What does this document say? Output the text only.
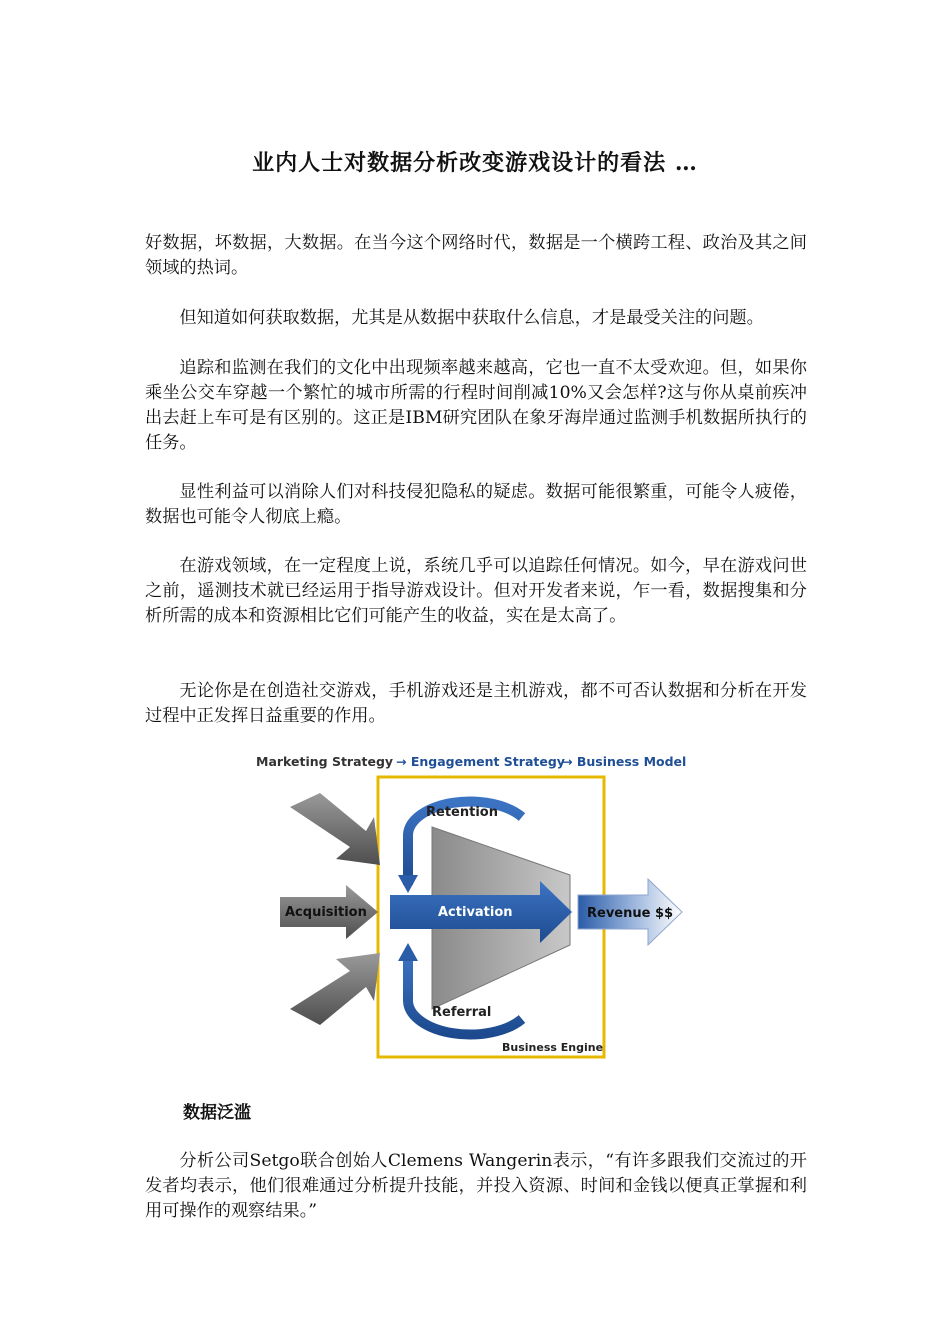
业内人士对数据分析改变游戏设计的看法 …

好数据，坏数据，大数据。在当今这个网络时代，数据是一个横跨工程、政治及其之间领域的热词。

但知道如何获取数据，尤其是从数据中获取什么信息，才是最受关注的问题。

追踪和监测在我们的文化中出现频率越来越高，它也一直不太受欢迎。但，如果你乘坐公交车穿越一个繁忙的城市所需的行程时间削减10%又会怎样?这与你从桌前疾冲出去赶上车可是有区别的。这正是IBM研究团队在象牙海岸通过监测手机数据所执行的任务。

显性利益可以消除人们对科技侵犯隐私的疑虑。数据可能很繁重，可能令人疲倦，数据也可能令人彻底上瘾。

在游戏领域，在一定程度上说，系统几乎可以追踪任何情况。如今，早在游戏问世之前，遥测技术就已经运用于指导游戏设计。但对开发者来说，乍一看，数据搜集和分析所需的成本和资源相比它们可能产生的收益，实在是太高了。

无论你是在创造社交游戏，手机游戏还是主机游戏，都不可否认数据和分析在开发过程中正发挥日益重要的作用。

Marketing Strategy → Engagement Strategy
→ Business Model
Retention
Referral
Acquisition	Activation	Revenue $$
Business Engine
数据泛滥

分析公司Setgo联合创始人Clemens Wangerin表示，“有许多跟我们交流过的开发者均表示，他们很难通过分析提升技能，并投入资源、时间和金钱以便真正掌握和利用可操作的观察结果。”
